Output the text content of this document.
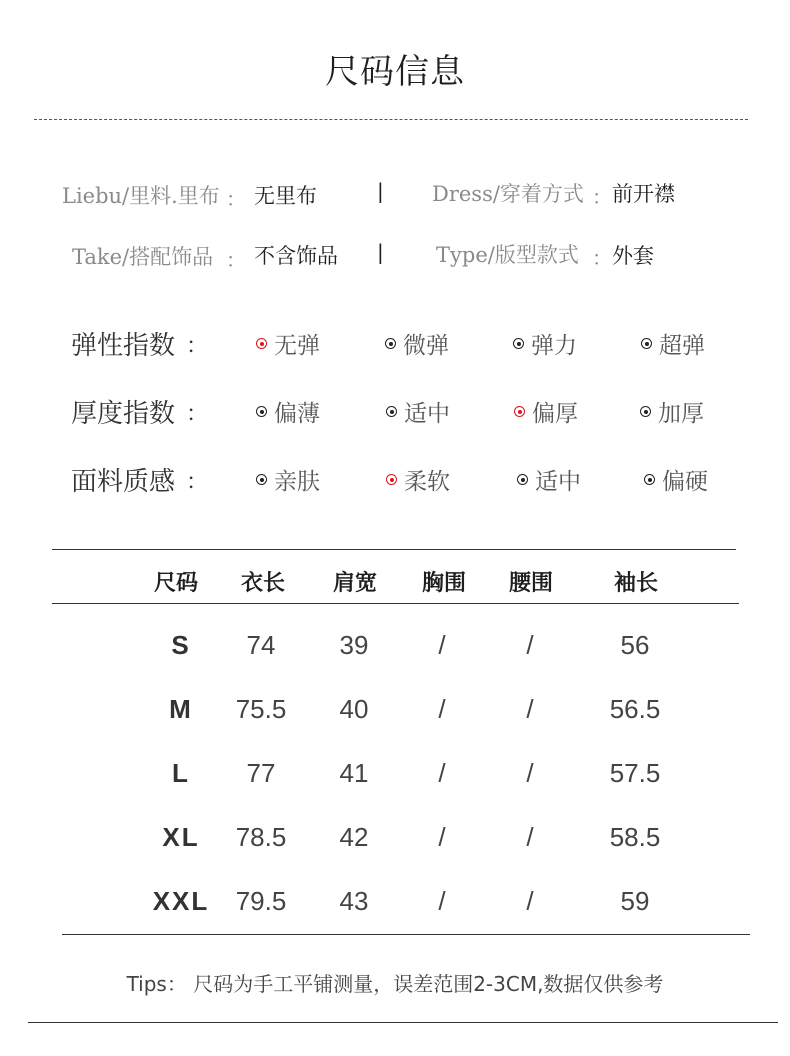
尺码信息
Liebu/里料.里布 ： 无里布	| Dress/穿着方式 ： 前开襟
Take/搭配饰品 ： 不含饰品 | Type/版型款式 ： 外套
弹性指数 ：	无弹	微弹	弹力	超弹
厚度指数 ：	偏薄	适中	偏厚	加厚
面料质感 ：	亲肤	柔软	适中	偏硬
尺码	衣长	肩宽	胸围	腰围	袖长
S	74	39	/	/	56
M	75.5	40	/	/	56.5
L	77	41	/	/	57.5
XL	78.5	42	/	/	58.5
XXL	79.5	43	/	/	59
Tips： 尺码为手工平铺测量，误差范围2-3CM,数据仅供参考
